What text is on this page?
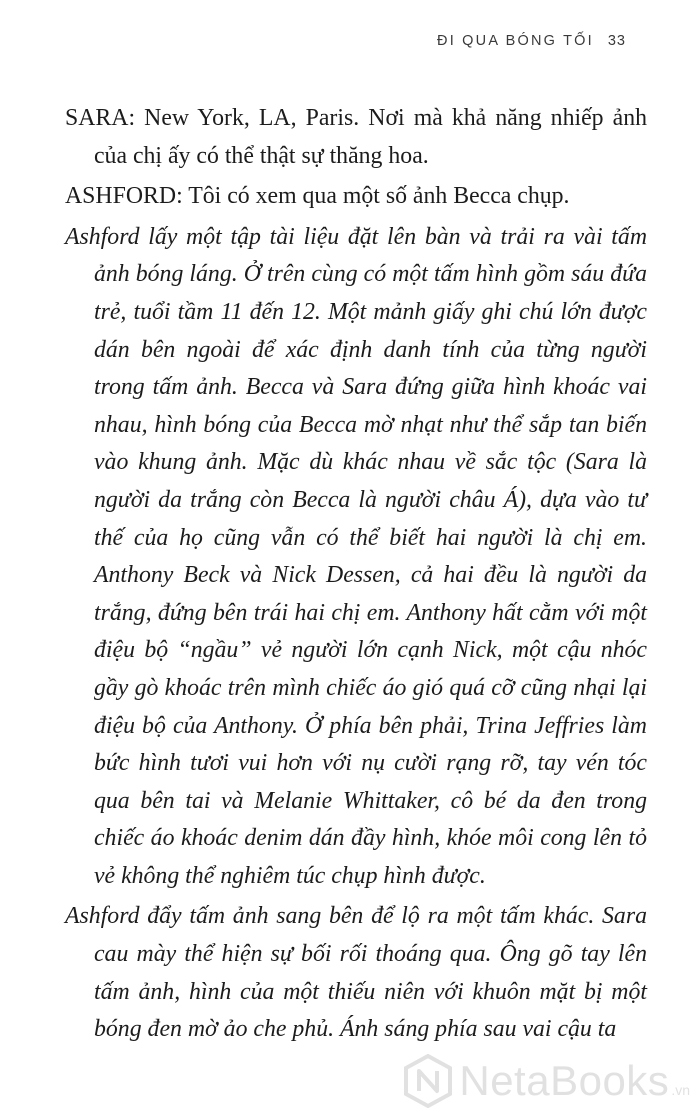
ĐI QUA BÓNG TỐI 33

SARA: New York, LA, Paris. Nơi mà khả năng nhiếp ảnh của chị ấy có thể thật sự thăng hoa.

ASHFORD: Tôi có xem qua một số ảnh Becca chụp.

Ashford lấy một tập tài liệu đặt lên bàn và trải ra vài tấm ảnh bóng láng. Ở trên cùng có một tấm hình gồm sáu đứa trẻ, tuổi tầm 11 đến 12. Một mảnh giấy ghi chú lớn được dán bên ngoài để xác định danh tính của từng người trong tấm ảnh. Becca và Sara đứng giữa hình khoác vai nhau, hình bóng của Becca mờ nhạt như thể sắp tan biến vào khung ảnh. Mặc dù khác nhau về sắc tộc (Sara là người da trắng còn Becca là người châu Á), dựa vào tư thế của họ cũng vẫn có thể biết hai người là chị em. Anthony Beck và Nick Dessen, cả hai đều là người da trắng, đứng bên trái hai chị em. Anthony hất cằm với một điệu bộ “ngầu” vẻ người lớn cạnh Nick, một cậu nhóc gầy gò khoác trên mình chiếc áo gió quá cỡ cũng nhại lại điệu bộ của Anthony. Ở phía bên phải, Trina Jeffries làm bức hình tươi vui hơn với nụ cười rạng rỡ, tay vén tóc qua bên tai và Melanie Whittaker, cô bé da đen trong chiếc áo khoác denim dán đầy hình, khóe môi cong lên tỏ vẻ không thể nghiêm túc chụp hình được.

Ashford đẩy tấm ảnh sang bên để lộ ra một tấm khác. Sara cau mày thể hiện sự bối rối thoáng qua. Ông gõ tay lên tấm ảnh, hình của một thiếu niên với khuôn mặt bị một bóng đen mờ ảo che phủ. Ánh sáng phía sau vai cậu ta

NetaBooks .vn
